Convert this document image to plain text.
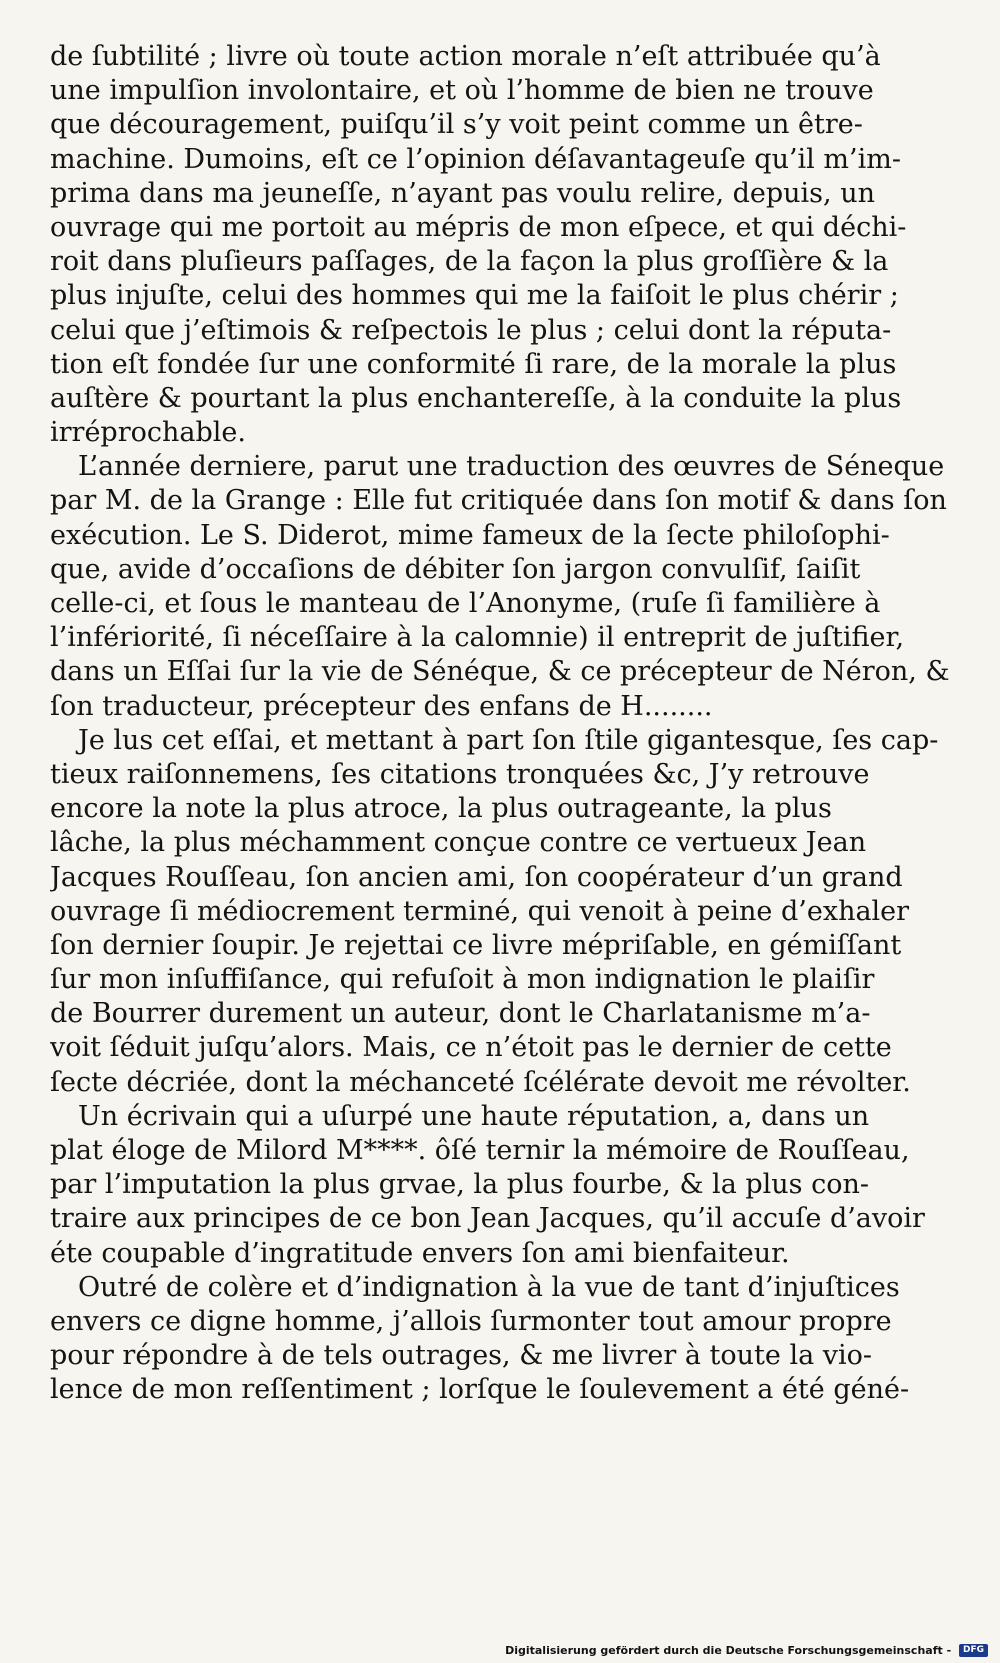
de ſubtilité ; livre où toute action morale n’eſt attribuée qu’à
une impulſion involontaire, et où l’homme de bien ne trouve
que découragement, puiſqu’il s’y voit peint comme un être-
machine. Dumoins, eſt ce l’opinion déſavantageuſe qu’il m’im-
prima dans ma jeuneſſe, n’ayant pas voulu relire, depuis, un
ouvrage qui me portoit au mépris de mon eſpece, et qui déchi-
roit dans pluſieurs paſſages, de la façon la plus groſſière & la
plus injuſte, celui des hommes qui me la faiſoit le plus chérir ;
celui que j’eſtimois & reſpectois le plus ; celui dont la réputa-
tion eſt fondée ſur une conformité ſi rare, de la morale la plus
auſtère & pourtant la plus enchantereſſe, à la conduite la plus
irréprochable.
L’année derniere, parut une traduction des œuvres de Séneque
par M. de la Grange : Elle fut critiquée dans ſon motif & dans ſon
exécution. Le S. Diderot, mime fameux de la ſecte philoſophi-
que, avide d’occaſions de débiter ſon jargon convulſif, ſaiſit
celle-ci, et ſous le manteau de l’Anonyme, (ruſe ſi familière à
l’infériorité, ſi néceſſaire à la calomnie) il entreprit de juſtifier,
dans un Eſſai ſur la vie de Sénéque, & ce précepteur de Néron, &
ſon traducteur, précepteur des enfans de H........
Je lus cet eſſai, et mettant à part ſon ſtile gigantesque, ſes cap-
tieux raiſonnemens, ſes citations tronquées &c, J’y retrouve
encore la note la plus atroce, la plus outrageante, la plus
lâche, la plus méchamment conçue contre ce vertueux Jean
Jacques Rouſſeau, ſon ancien ami, ſon coopérateur d’un grand
ouvrage ſi médiocrement terminé, qui venoit à peine d’exhaler
ſon dernier ſoupir. Je rejettai ce livre mépriſable, en gémiſſant
ſur mon inſuffiſance, qui refuſoit à mon indignation le plaiſir
de Bourrer durement un auteur, dont le Charlatanisme m’a-
voit ſéduit juſqu’alors. Mais, ce n’étoit pas le dernier de cette
ſecte décriée, dont la méchanceté ſcélérate devoit me révolter.
Un écrivain qui a uſurpé une haute réputation, a, dans un
plat éloge de Milord M****. ôſé ternir la mémoire de Rouſſeau,
par l’imputation la plus grvae, la plus fourbe, & la plus con-
traire aux principes de ce bon Jean Jacques, qu’il accuſe d’avoir
éte coupable d’ingratitude envers ſon ami bienfaiteur.
Outré de colère et d’indignation à la vue de tant d’injuſtices
envers ce digne homme, j’allois ſurmonter tout amour propre
pour répondre à de tels outrages, & me livrer à toute la vio-
lence de mon reſſentiment ; lorſque le ſoulevement a été géné-
Digitalisierung gefördert durch die Deutsche Forschungsgemeinschaft - DFG
